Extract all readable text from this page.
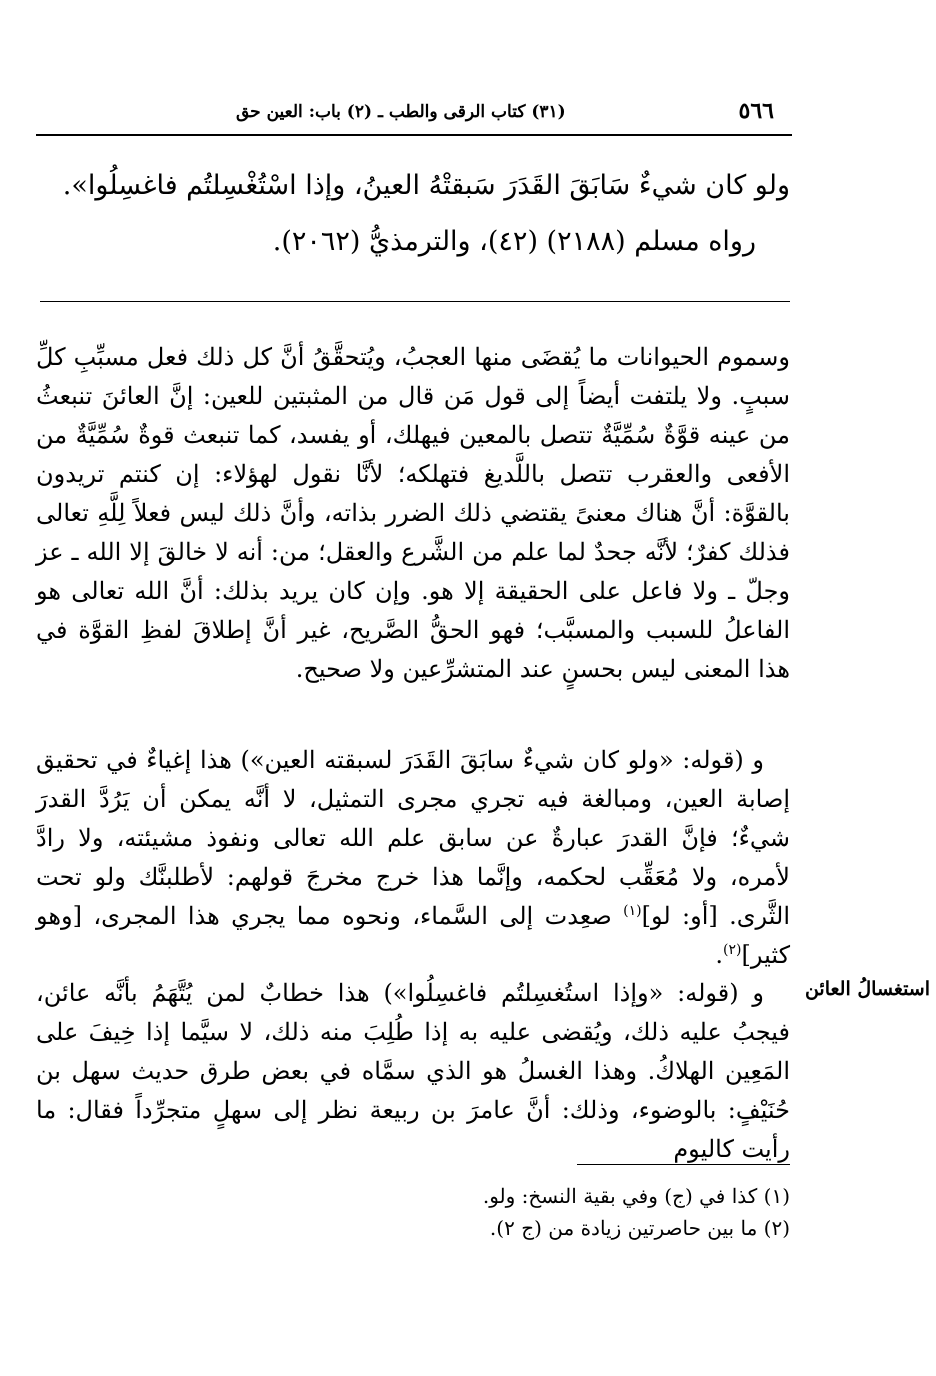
٥٦٦
(٣١) كتاب الرقى والطب ـ (٢) باب: العين حق
ولو كان شيءٌ سَابَقَ القَدَرَ سَبقتْهُ العينُ، وإذا اسْتُغْسِلتُم فاغسِلُوا».
رواه مسلم (٢١٨٨) (٤٢)، والترمذيُّ (٢٠٦٢).

وسموم الحيوانات ما يُقضَى منها العجبُ، ويُتحقَّقُ أنَّ كل ذلك فعل مسبِّبِ كلِّ سببٍ. ولا يلتفت أيضاً إلى قول مَن قال من المثبتين للعين: إنَّ العائنَ تنبعثُ من عينه قوَّةٌ سُمِّيَّةٌ تتصل بالمعين فيهلك، أو يفسد، كما تنبعث قوةٌ سُمِّيَّةٌ من الأفعى والعقرب تتصل باللَّديغ فتهلكه؛ لأنَّا نقول لهؤلاء: إن كنتم تريدون بالقوَّة: أنَّ هناك معنىً يقتضي ذلك الضرر بذاته، وأنَّ ذلك ليس فعلاً لِلَّهِ تعالى فذلك كفرٌ؛ لأنَّه جحدٌ لما علم من الشَّرع والعقل؛ من: أنه لا خالقَ إلا الله ـ عز وجلّ ـ ولا فاعل على الحقيقة إلا هو. وإن كان يريد بذلك: أنَّ الله تعالى هو الفاعلُ للسبب والمسبَّب؛ فهو الحقُّ الصَّريح، غير أنَّ إطلاقَ لفظِ القوَّة في هذا المعنى ليس بحسنٍ عند المتشرِّعين ولا صحيح.

و (قوله: «ولو كان شيءٌ سابَقَ القَدَرَ لسبقته العين») هذا إغياءٌ في تحقيق إصابة العين، ومبالغة فيه تجري مجرى التمثيل، لا أنَّه يمكن أن يَرُدَّ القدرَ شيءٌ؛ فإنَّ القدرَ عبارةٌ عن سابق علم الله تعالى ونفوذ مشيئته، ولا رادَّ لأمره، ولا مُعَقِّب لحكمه، وإنَّما هذا خرج مخرجَ قولهم: لأطلبنَّك ولو تحت الثَّرى. [أو: لو]$^{(١)}$ صعِدت إلى السَّماء، ونحوه مما يجري هذا المجرى، [وهو كثير]$^{(٢)}$.

استغسالُ العائن

و (قوله: «وإذا استُغسِلتُم فاغسِلُوا») هذا خطابٌ لمن يُتَّهَمُ بأنَّه عائن، فيجبُ عليه ذلك، ويُقضى عليه به إذا طُلِبَ منه ذلك، لا سيَّما إذا خِيفَ على المَعِين الهلاكُ. وهذا الغسلُ هو الذي سمَّاه في بعض طرق حديث سهل بن حُنَيْفٍ: بالوضوء، وذلك: أنَّ عامرَ بن ربيعة نظر إلى سهلٍ متجرِّداً فقال: ما رأيت كاليوم

(١) كذا في (ج) وفي بقية النسخ: ولو.
(٢) ما بين حاصرتين زيادة من (ج ٢).
